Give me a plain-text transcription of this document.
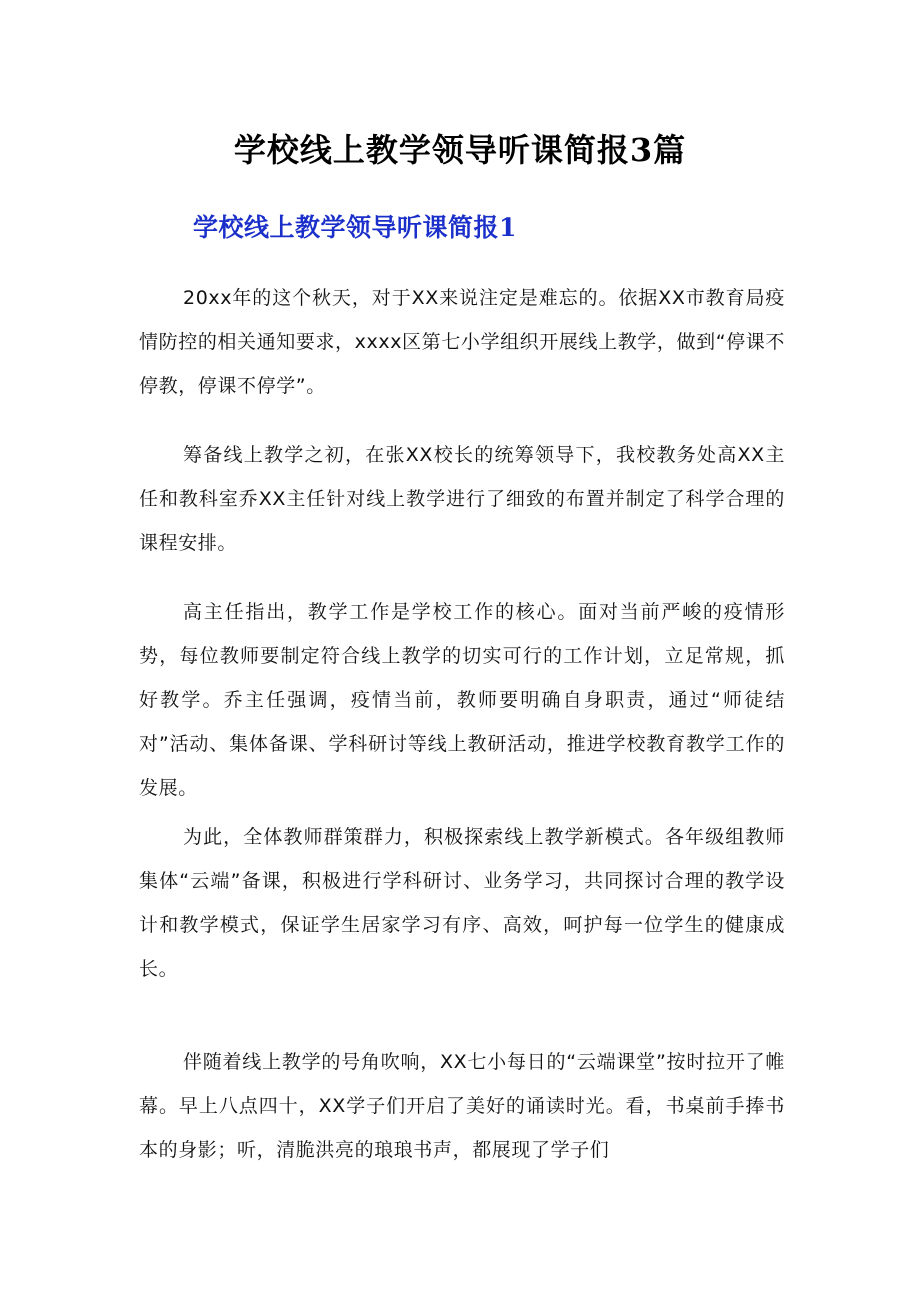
学校线上教学领导听课简报3篇
学校线上教学领导听课简报1

20xx年的这个秋天，对于XX来说注定是难忘的。依据XX市教育局疫情防控的相关通知要求，xxxx区第七小学组织开展线上教学，做到“停课不停教，停课不停学”。

筹备线上教学之初，在张XX校长的统筹领导下，我校教务处高XX主任和教科室乔XX主任针对线上教学进行了细致的布置并制定了科学合理的课程安排。

高主任指出，教学工作是学校工作的核心。面对当前严峻的疫情形势，每位教师要制定符合线上教学的切实可行的工作计划，立足常规，抓好教学。乔主任强调，疫情当前，教师要明确自身职责，通过“师徒结对”活动、集体备课、学科研讨等线上教研活动，推进学校教育教学工作的发展。

为此，全体教师群策群力，积极探索线上教学新模式。各年级组教师集体“云端”备课，积极进行学科研讨、业务学习，共同探讨合理的教学设计和教学模式，保证学生居家学习有序、高效，呵护每一位学生的健康成长。

伴随着线上教学的号角吹响，XX七小每日的“云端课堂”按时拉开了帷幕。早上八点四十，XX学子们开启了美好的诵读时光。看，书桌前手捧书本的身影；听，清脆洪亮的琅琅书声，都展现了学子们
